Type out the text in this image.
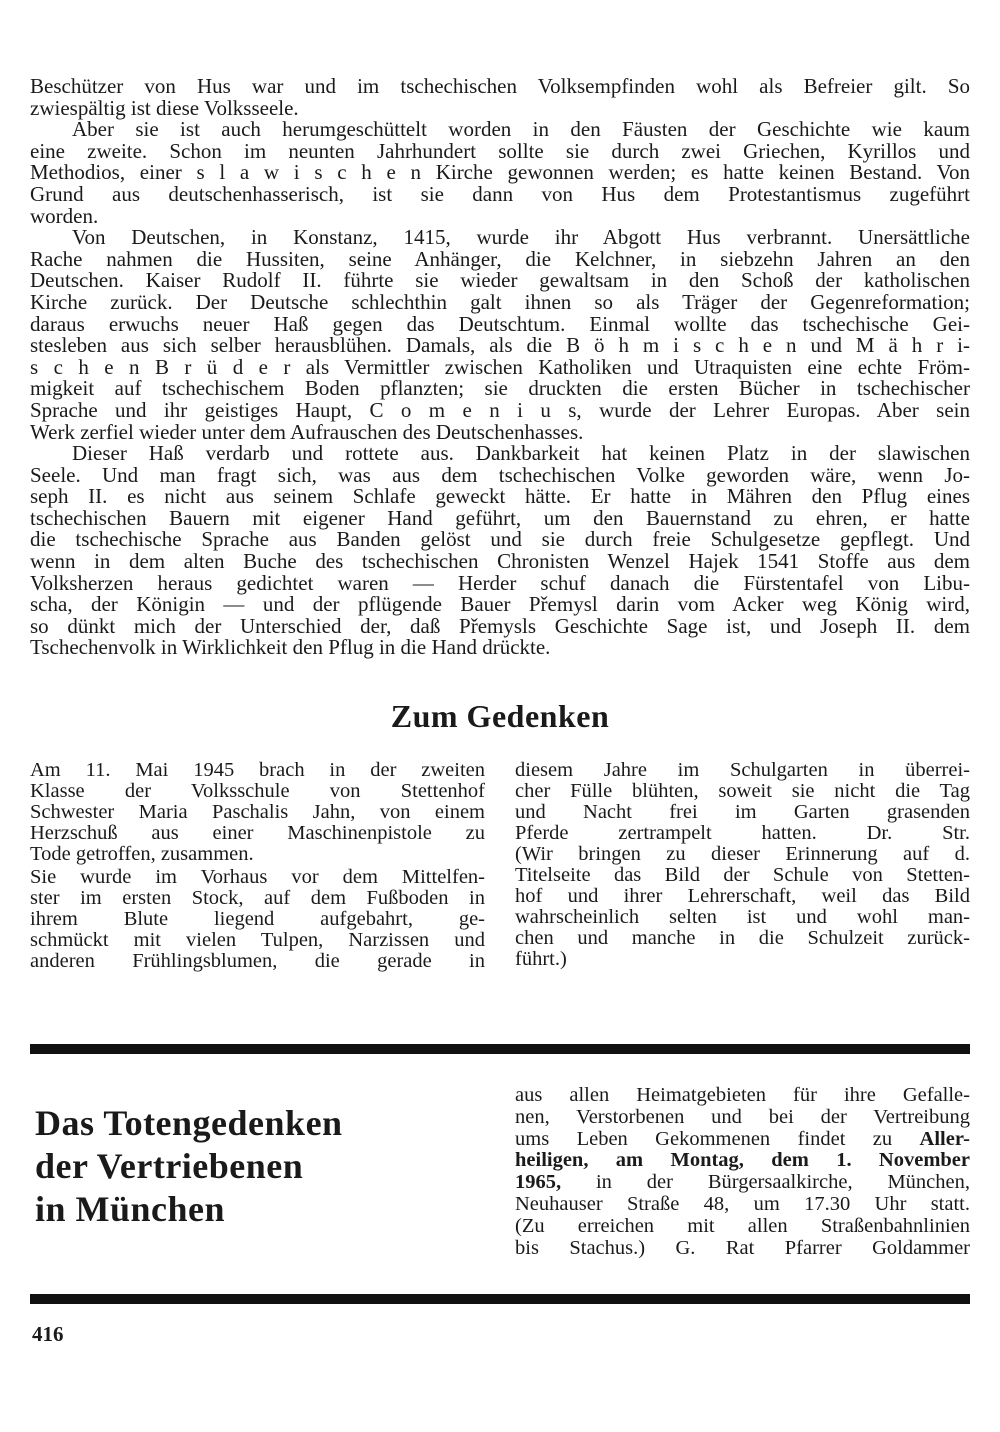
Beschützer von Hus war und im tschechischen Volksempfinden wohl als Befreier gilt. So
zwiespältig ist diese Volksseele.
Aber sie ist auch herumgeschüttelt worden in den Fäusten der Geschichte wie kaum
eine zweite. Schon im neunten Jahrhundert sollte sie durch zwei Griechen, Kyrillos und
Methodios, einer s l a w i s c h e n Kirche gewonnen werden; es hatte keinen Bestand. Von
Grund aus deutschenhasserisch, ist sie dann von Hus dem Protestantismus zugeführt
worden.
Von Deutschen, in Konstanz, 1415, wurde ihr Abgott Hus verbrannt. Unersättliche
Rache nahmen die Hussiten, seine Anhänger, die Kelchner, in siebzehn Jahren an den
Deutschen. Kaiser Rudolf II. führte sie wieder gewaltsam in den Schoß der katholischen
Kirche zurück. Der Deutsche schlechthin galt ihnen so als Träger der Gegenreformation;
daraus erwuchs neuer Haß gegen das Deutschtum. Einmal wollte das tschechische Gei-
stesleben aus sich selber herausblühen. Damals, als die B ö h m i s c h e n und M ä h r i-
s c h e n B r ü d e r als Vermittler zwischen Katholiken und Utraquisten eine echte Fröm-
migkeit auf tschechischem Boden pflanzten; sie druckten die ersten Bücher in tschechischer
Sprache und ihr geistiges Haupt, C o m e n i u s, wurde der Lehrer Europas. Aber sein
Werk zerfiel wieder unter dem Aufrauschen des Deutschenhasses.
Dieser Haß verdarb und rottete aus. Dankbarkeit hat keinen Platz in der slawischen
Seele. Und man fragt sich, was aus dem tschechischen Volke geworden wäre, wenn Jo-
seph II. es nicht aus seinem Schlafe geweckt hätte. Er hatte in Mähren den Pflug eines
tschechischen Bauern mit eigener Hand geführt, um den Bauernstand zu ehren, er hatte
die tschechische Sprache aus Banden gelöst und sie durch freie Schulgesetze gepflegt. Und
wenn in dem alten Buche des tschechischen Chronisten Wenzel Hajek 1541 Stoffe aus dem
Volksherzen heraus gedichtet waren — Herder schuf danach die Fürstentafel von Libu-
scha, der Königin — und der pflügende Bauer Přemysl darin vom Acker weg König wird,
so dünkt mich der Unterschied der, daß Přemysls Geschichte Sage ist, und Joseph II. dem
Tschechenvolk in Wirklichkeit den Pflug in die Hand drückte.
Zum Gedenken
Am 11. Mai 1945 brach in der zweiten
Klasse der Volksschule von Stettenhof
Schwester Maria Paschalis Jahn, von einem
Herzschuß aus einer Maschinenpistole zu
Tode getroffen, zusammen.
Sie wurde im Vorhaus vor dem Mittelfen-
ster im ersten Stock, auf dem Fußboden in
ihrem Blute liegend aufgebahrt, ge-
schmückt mit vielen Tulpen, Narzissen und
anderen Frühlingsblumen, die gerade in
diesem Jahre im Schulgarten in überrei-
cher Fülle blühten, soweit sie nicht die Tag
und Nacht frei im Garten grasenden
Pferde zertrampelt hatten. Dr. Str.
(Wir bringen zu dieser Erinnerung auf d.
Titelseite das Bild der Schule von Stetten-
hof und ihrer Lehrerschaft, weil das Bild
wahrscheinlich selten ist und wohl man-
chen und manche in die Schulzeit zurück-
führt.)
Das Totengedenken
der Vertriebenen
in München
aus allen Heimatgebieten für ihre Gefalle-
nen, Verstorbenen und bei der Vertreibung
ums Leben Gekommenen findet zu Aller-
heiligen, am Montag, dem 1. November
1965, in der Bürgersaalkirche, München,
Neuhauser Straße 48, um 17.30 Uhr statt.
(Zu erreichen mit allen Straßenbahnlinien
bis Stachus.) G. Rat Pfarrer Goldammer
416
